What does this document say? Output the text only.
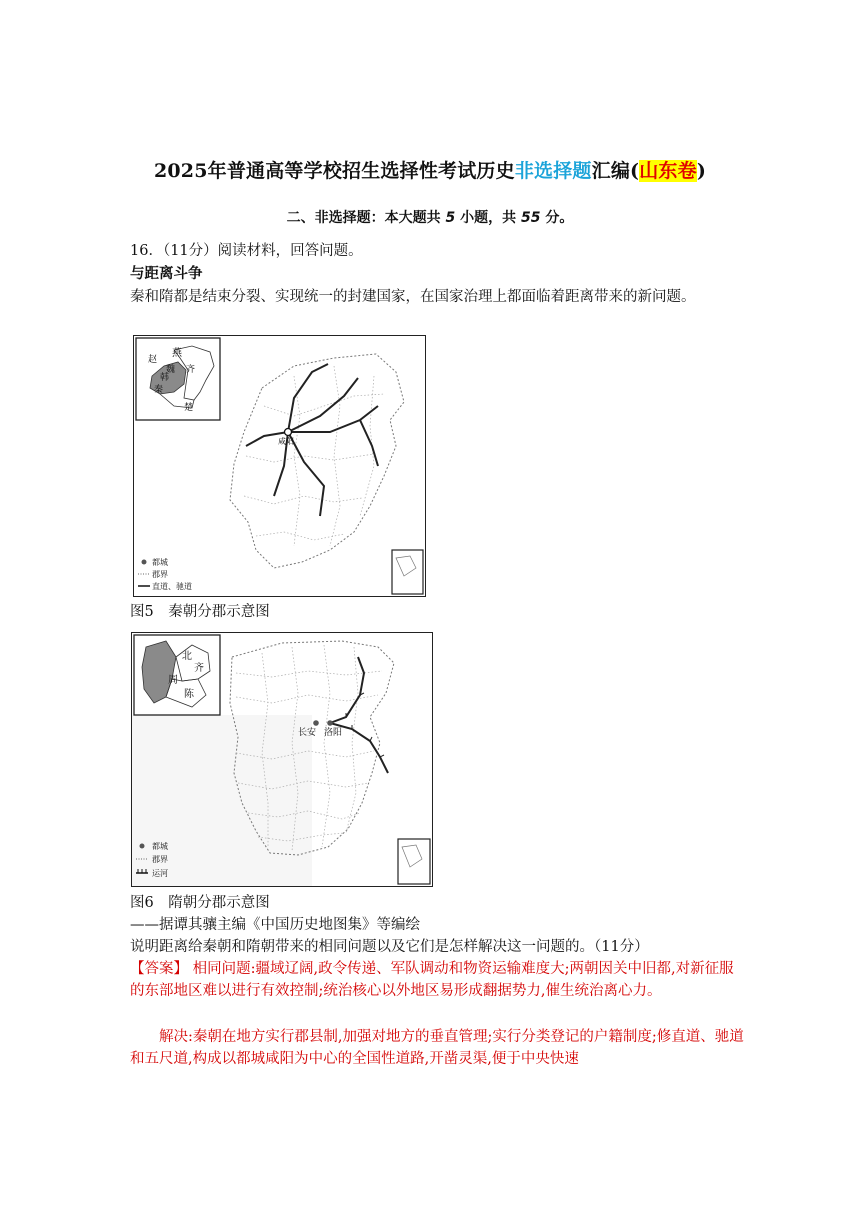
2025年普通高等学校招生选择性考试历史非选择题汇编(山东卷)
二、非选择题：本大题共 5 小题，共 55 分。
16．（11分）阅读材料，回答问题。
与距离斗争
秦和隋都是结束分裂、实现统一的封建国家，在国家治理上都面临着距离带来的新问题。
燕
赵
魏
韩
齐
秦
楚
咸阳
都城
郡界
直道、驰道
图5　秦朝分郡示意图
北
齐
周
陈
长安 洛阳
都城
郡界
运河
图6　隋朝分郡示意图
——据谭其骧主编《中国历史地图集》等编绘
说明距离给秦朝和隋朝带来的相同问题以及它们是怎样解决这一问题的。（11分）
【答案】 相同问题:疆域辽阔,政令传递、军队调动和物资运输难度大;两朝因关中旧都,对新征服的东部地区难以进行有效控制;统治核心以外地区易形成翻据势力,催生统治离心力。
解决:秦朝在地方实行郡县制,加强对地方的垂直管理;实行分类登记的户籍制度;修直道、驰道和五尺道,构成以都城咸阳为中心的全国性道路,开凿灵渠,便于中央快速
